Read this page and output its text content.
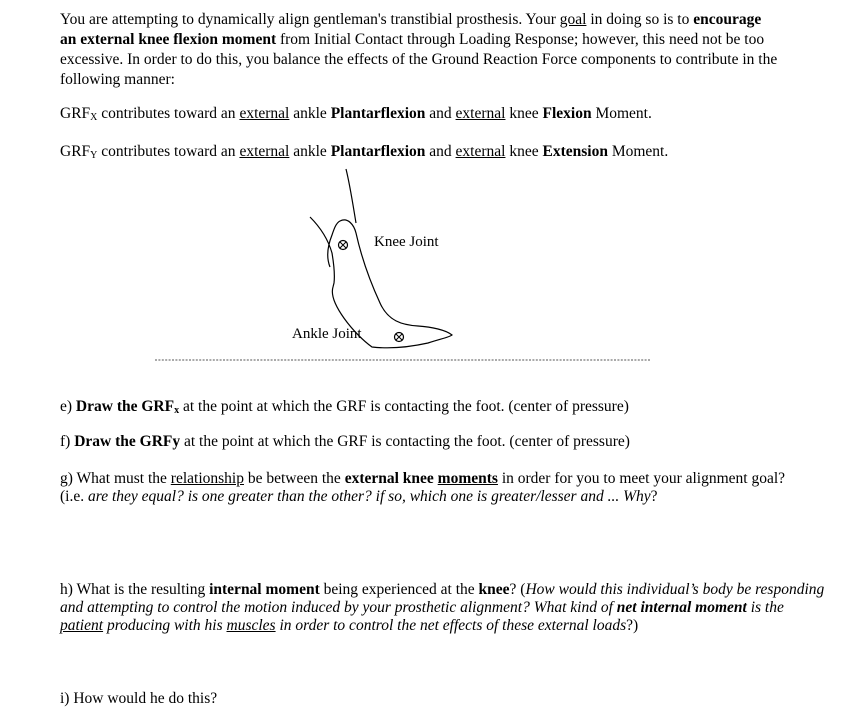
You are attempting to dynamically align gentleman's transtibial prosthesis. Your goal in doing so is to encourage
an external knee flexion moment from Initial Contact through Loading Response; however, this need not be too excessive. In order to do this, you balance the effects of the Ground Reaction Force components to contribute in the following manner:
GRFX contributes toward an external ankle Plantarflexion and external knee Flexion Moment.
GRFY contributes toward an external ankle Plantarflexion and external knee Extension Moment.
Knee Joint
Ankle Joint
e) Draw the GRFx at the point at which the GRF is contacting the foot. (center of pressure)
f) Draw the GRFy at the point at which the GRF is contacting the foot. (center of pressure)
g) What must the relationship be between the external knee moments in order for you to meet your alignment goal?
(i.e. are they equal? is one greater than the other? if so, which one is greater/lesser and ... Why?
h) What is the resulting internal moment being experienced at the knee? (How would this individual’s body be responding and attempting to control the motion induced by your prosthetic alignment? What kind of net internal moment is the patient producing with his muscles in order to control the net effects of these external loads?)
i) How would he do this?
